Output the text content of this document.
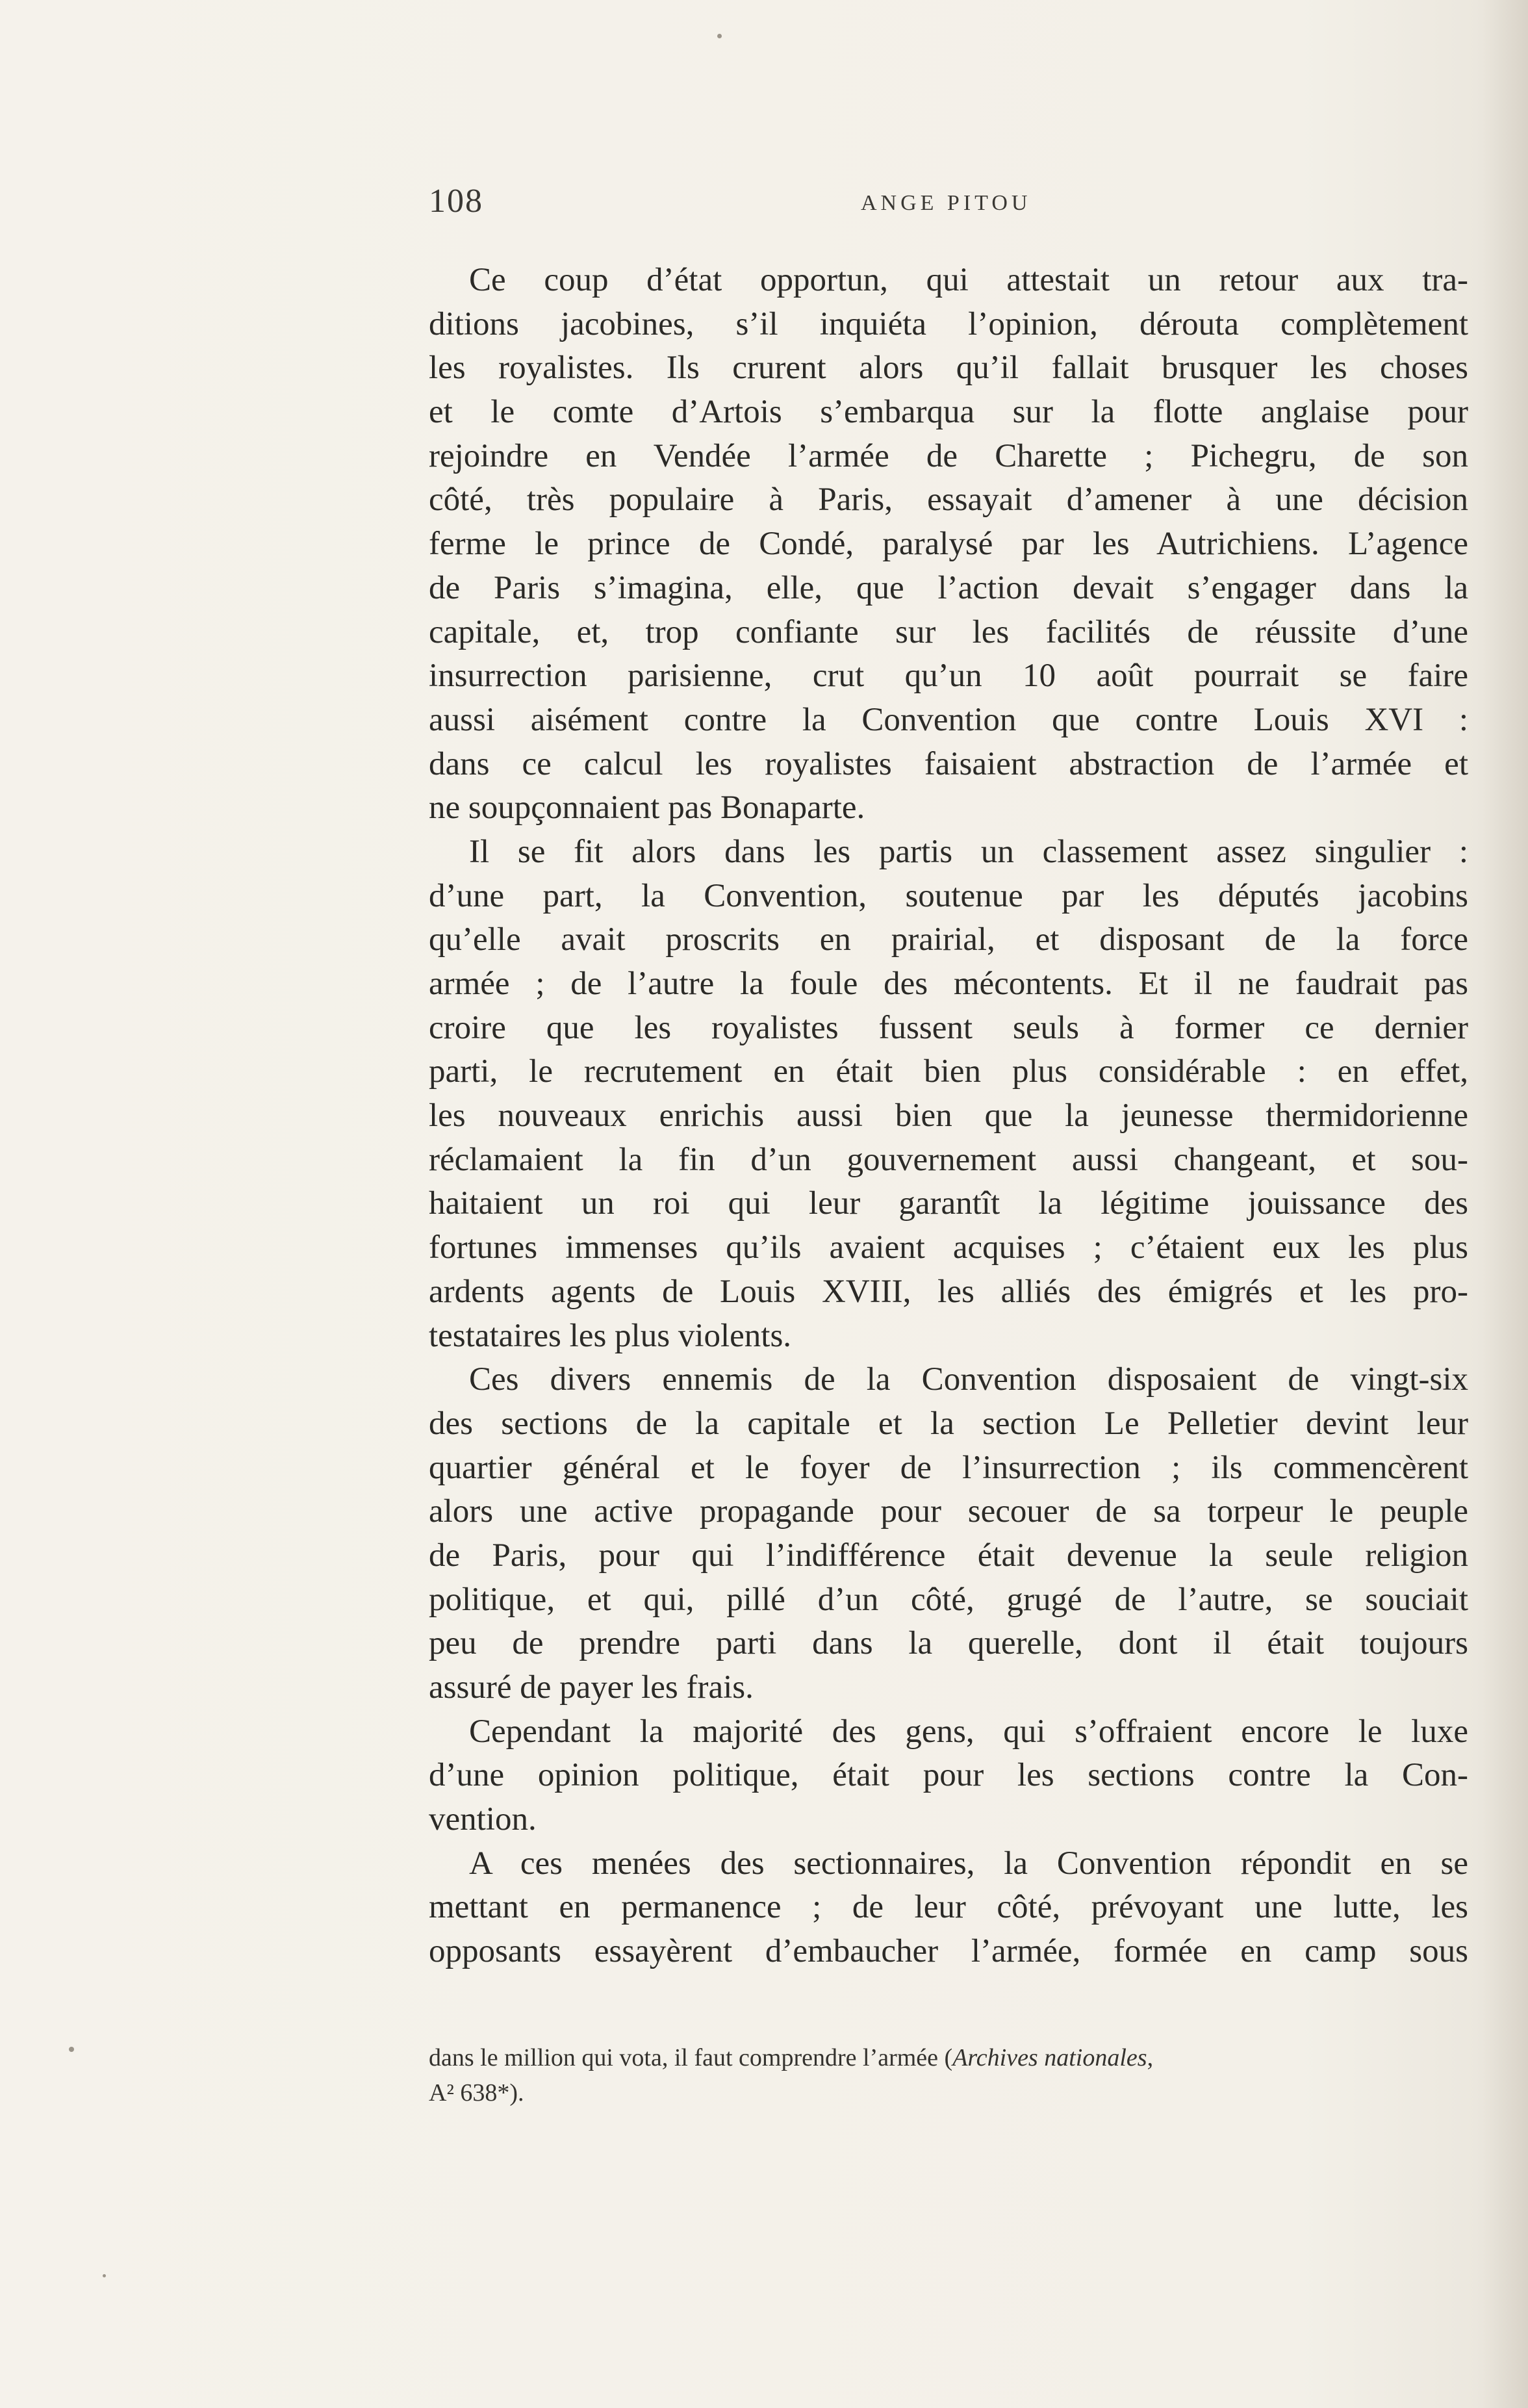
108	ANGE PITOU
Ce coup d’état opportun, qui attestait un retour aux tra-
ditions jacobines, s’il inquiéta l’opinion, dérouta complètement
les royalistes. Ils crurent alors qu’il fallait brusquer les choses
et le comte d’Artois s’embarqua sur la flotte anglaise pour
rejoindre en Vendée l’armée de Charette ; Pichegru, de son
côté, très populaire à Paris, essayait d’amener à une décision
ferme le prince de Condé, paralysé par les Autrichiens. L’agence
de Paris s’imagina, elle, que l’action devait s’engager dans la
capitale, et, trop confiante sur les facilités de réussite d’une
insurrection parisienne, crut qu’un 10 août pourrait se faire
aussi aisément contre la Convention que contre Louis XVI :
dans ce calcul les royalistes faisaient abstraction de l’armée et
ne soupçonnaient pas Bonaparte.
Il se fit alors dans les partis un classement assez singulier :
d’une part, la Convention, soutenue par les députés jacobins
qu’elle avait proscrits en prairial, et disposant de la force
armée ; de l’autre la foule des mécontents. Et il ne faudrait pas
croire que les royalistes fussent seuls à former ce dernier
parti, le recrutement en était bien plus considérable : en effet,
les nouveaux enrichis aussi bien que la jeunesse thermidorienne
réclamaient la fin d’un gouvernement aussi changeant, et sou-
haitaient un roi qui leur garantît la légitime jouissance des
fortunes immenses qu’ils avaient acquises ; c’étaient eux les plus
ardents agents de Louis XVIII, les alliés des émigrés et les pro-
testataires les plus violents.
Ces divers ennemis de la Convention disposaient de vingt-six
des sections de la capitale et la section Le Pelletier devint leur
quartier général et le foyer de l’insurrection ; ils commencèrent
alors une active propagande pour secouer de sa torpeur le peuple
de Paris, pour qui l’indifférence était devenue la seule religion
politique, et qui, pillé d’un côté, grugé de l’autre, se souciait
peu de prendre parti dans la querelle, dont il était toujours
assuré de payer les frais.
Cependant la majorité des gens, qui s’offraient encore le luxe
d’une opinion politique, était pour les sections contre la Con-
vention.
A ces menées des sectionnaires, la Convention répondit en se
mettant en permanence ; de leur côté, prévoyant une lutte, les
opposants essayèrent d’embaucher l’armée, formée en camp sous
dans le million qui vota, il faut comprendre l’armée (Archives nationales,
A² 638*).
